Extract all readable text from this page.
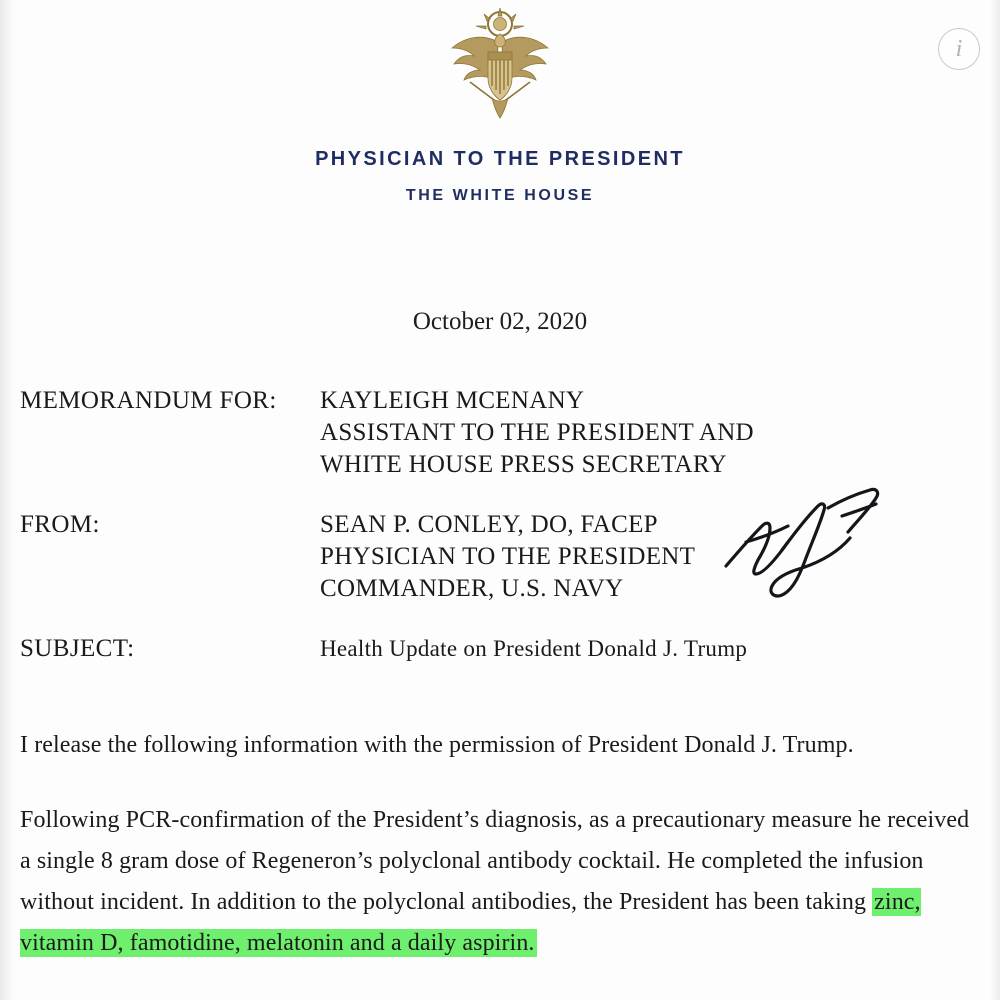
i
PHYSICIAN TO THE PRESIDENT
THE WHITE HOUSE
October 02, 2020
MEMORANDUM FOR:	KAYLEIGH MCENANY
ASSISTANT TO THE PRESIDENT AND
WHITE HOUSE PRESS SECRETARY
FROM:	SEAN P. CONLEY, DO, FACEP
PHYSICIAN TO THE PRESIDENT
COMMANDER, U.S. NAVY
SUBJECT:	Health Update on President Donald J. Trump

I release the following information with the permission of President Donald J. Trump.

Following PCR-confirmation of the President’s diagnosis, as a precautionary measure he received a single 8 gram dose of Regeneron’s polyclonal antibody cocktail. He completed the infusion without incident. In addition to the polyclonal antibodies, the President has been taking zinc, vitamin D, famotidine, melatonin and a daily aspirin.
